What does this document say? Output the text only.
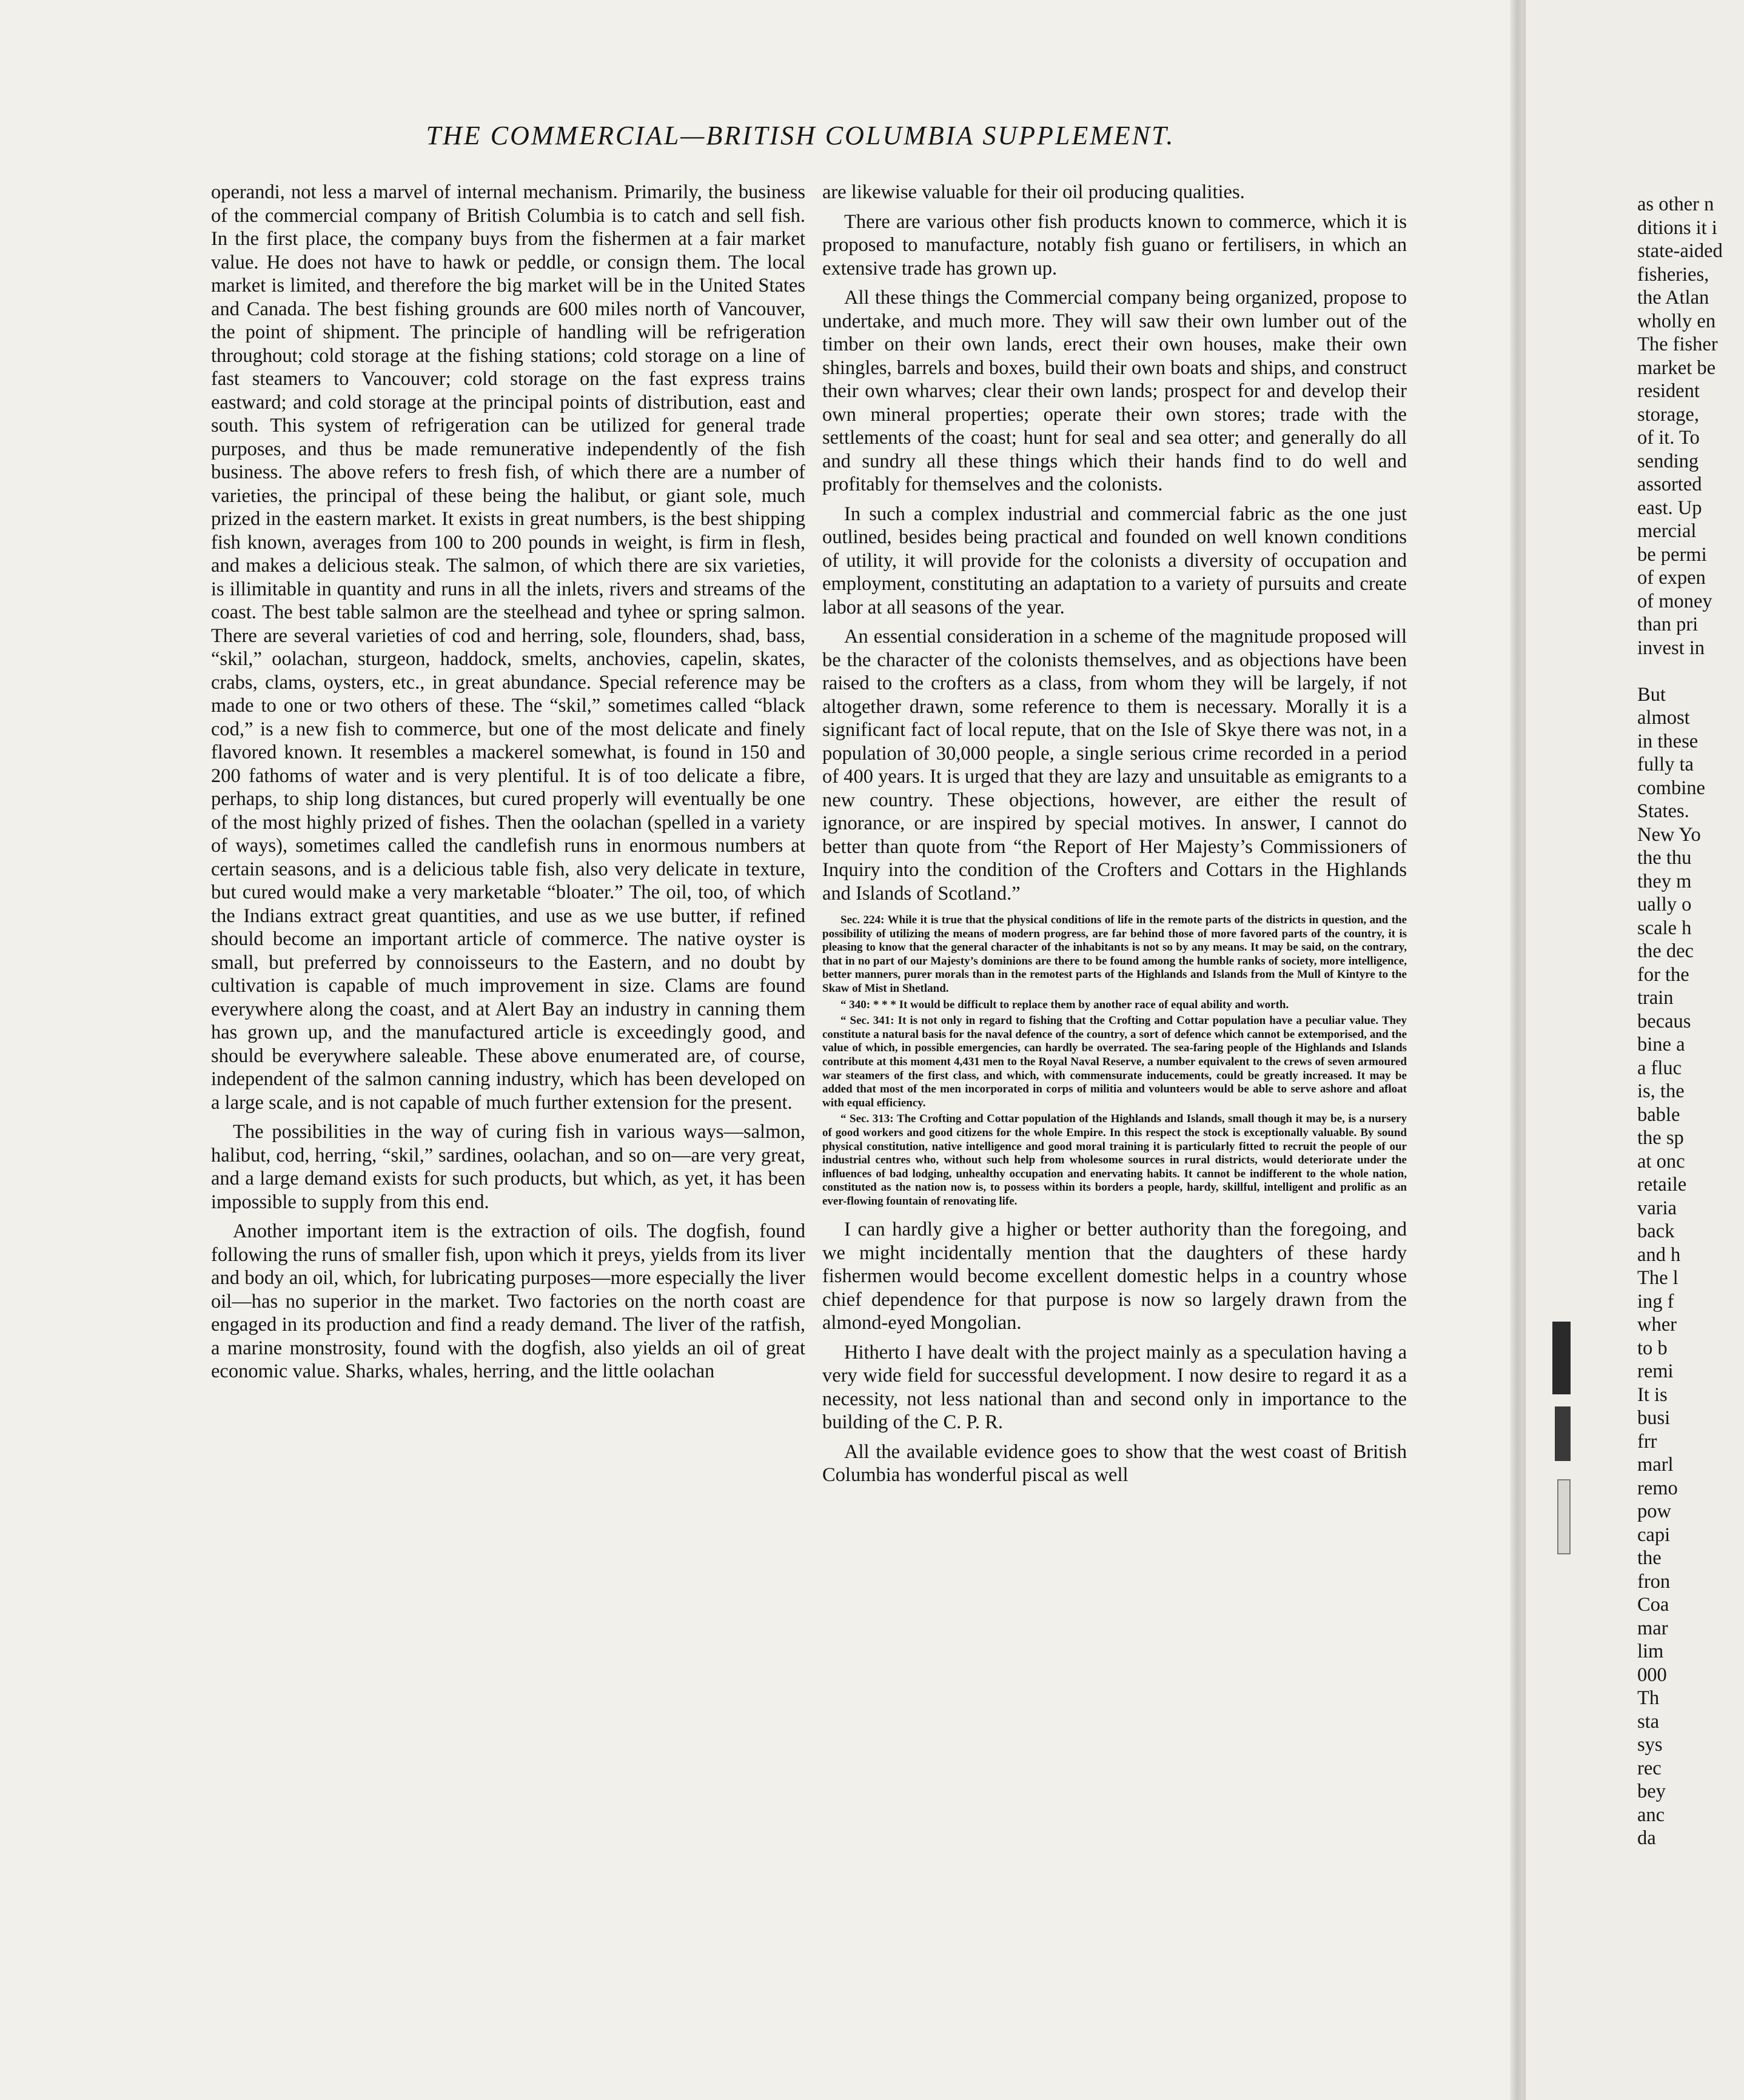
THE COMMERCIAL—BRITISH COLUMBIA SUPPLEMENT.

operandi, not less a marvel of internal mechanism. Primarily, the business of the commercial company of British Columbia is to catch and sell fish. In the first place, the company buys from the fishermen at a fair market value. He does not have to hawk or peddle, or consign them. The local market is limited, and therefore the big market will be in the United States and Canada. The best fishing grounds are 600 miles north of Vancouver, the point of shipment. The principle of handling will be refrigeration throughout; cold storage at the fishing stations; cold storage on a line of fast steamers to Vancouver; cold storage on the fast express trains eastward; and cold storage at the principal points of distribution, east and south. This system of refrigeration can be utilized for general trade purposes, and thus be made remunerative independently of the fish business. The above refers to fresh fish, of which there are a number of varieties, the principal of these being the halibut, or giant sole, much prized in the eastern market. It exists in great numbers, is the best shipping fish known, averages from 100 to 200 pounds in weight, is firm in flesh, and makes a delicious steak. The salmon, of which there are six varieties, is illimitable in quantity and runs in all the inlets, rivers and streams of the coast. The best table salmon are the steelhead and tyhee or spring salmon. There are several varieties of cod and herring, sole, flounders, shad, bass, “skil,” oolachan, sturgeon, haddock, smelts, anchovies, capelin, skates, crabs, clams, oysters, etc., in great abundance. Special reference may be made to one or two others of these. The “skil,” sometimes called “black cod,” is a new fish to commerce, but one of the most delicate and finely flavored known. It resembles a mackerel somewhat, is found in 150 and 200 fathoms of water and is very plentiful. It is of too delicate a fibre, perhaps, to ship long distances, but cured properly will eventually be one of the most highly prized of fishes. Then the oolachan (spelled in a variety of ways), sometimes called the candlefish runs in enormous numbers at certain seasons, and is a delicious table fish, also very delicate in texture, but cured would make a very marketable “bloater.” The oil, too, of which the Indians extract great quantities, and use as we use butter, if refined should become an important article of commerce. The native oyster is small, but preferred by connoisseurs to the Eastern, and no doubt by cultivation is capable of much improvement in size. Clams are found everywhere along the coast, and at Alert Bay an industry in canning them has grown up, and the manufactured article is exceedingly good, and should be everywhere saleable. These above enumerated are, of course, independent of the salmon canning industry, which has been developed on a large scale, and is not capable of much further extension for the present.

The possibilities in the way of curing fish in various ways—salmon, halibut, cod, herring, “skil,” sardines, oolachan, and so on—are very great, and a large demand exists for such products, but which, as yet, it has been impossible to supply from this end.

Another important item is the extraction of oils. The dogfish, found following the runs of smaller fish, upon which it preys, yields from its liver and body an oil, which, for lubricating purposes—more especially the liver oil—has no superior in the market. Two factories on the north coast are engaged in its production and find a ready demand. The liver of the ratfish, a marine monstrosity, found with the dogfish, also yields an oil of great economic value. Sharks, whales, herring, and the little oolachan

are likewise valuable for their oil producing qualities.

There are various other fish products known to commerce, which it is proposed to manufacture, notably fish guano or fertilisers, in which an extensive trade has grown up.

All these things the Commercial company being organized, propose to undertake, and much more. They will saw their own lumber out of the timber on their own lands, erect their own houses, make their own shingles, barrels and boxes, build their own boats and ships, and construct their own wharves; clear their own lands; prospect for and develop their own mineral properties; operate their own stores; trade with the settlements of the coast; hunt for seal and sea otter; and generally do all and sundry all these things which their hands find to do well and profitably for themselves and the colonists.

In such a complex industrial and commercial fabric as the one just outlined, besides being practical and founded on well known conditions of utility, it will provide for the colonists a diversity of occupation and employment, constituting an adaptation to a variety of pursuits and create labor at all seasons of the year.

An essential consideration in a scheme of the magnitude proposed will be the character of the colonists themselves, and as objections have been raised to the crofters as a class, from whom they will be largely, if not altogether drawn, some reference to them is necessary. Morally it is a significant fact of local repute, that on the Isle of Skye there was not, in a population of 30,000 people, a single serious crime recorded in a period of 400 years. It is urged that they are lazy and unsuitable as emigrants to a new country. These objections, however, are either the result of ignorance, or are inspired by special motives. In answer, I cannot do better than quote from “the Report of Her Majesty’s Commissioners of Inquiry into the condition of the Crofters and Cottars in the Highlands and Islands of Scotland.”

Sec. 224: While it is true that the physical conditions of life in the remote parts of the districts in question, and the possibility of utilizing the means of modern progress, are far behind those of more favored parts of the country, it is pleasing to know that the general character of the inhabitants is not so by any means. It may be said, on the contrary, that in no part of our Majesty’s dominions are there to be found among the humble ranks of society, more intelligence, better manners, purer morals than in the remotest parts of the Highlands and Islands from the Mull of Kintyre to the Skaw of Mist in Shetland.

“ 340: * * * It would be difficult to replace them by another race of equal ability and worth.

“ Sec. 341: It is not only in regard to fishing that the Crofting and Cottar population have a peculiar value. They constitute a natural basis for the naval defence of the country, a sort of defence which cannot be extemporised, and the value of which, in possible emergencies, can hardly be overrated. The sea-faring people of the Highlands and Islands contribute at this moment 4,431 men to the Royal Naval Reserve, a number equivalent to the crews of seven armoured war steamers of the first class, and which, with commensurate inducements, could be greatly increased. It may be added that most of the men incorporated in corps of militia and volunteers would be able to serve ashore and afloat with equal efficiency.

“ Sec. 313: The Crofting and Cottar population of the Highlands and Islands, small though it may be, is a nursery of good workers and good citizens for the whole Empire. In this respect the stock is exceptionally valuable. By sound physical constitution, native intelligence and good moral training it is particularly fitted to recruit the people of our industrial centres who, without such help from wholesome sources in rural districts, would deteriorate under the influences of bad lodging, unhealthy occupation and enervating habits. It cannot be indifferent to the whole nation, constituted as the nation now is, to possess within its borders a people, hardy, skillful, intelligent and prolific as an ever-flowing fountain of renovating life.

I can hardly give a higher or better authority than the foregoing, and we might incidentally mention that the daughters of these hardy fishermen would become excellent domestic helps in a country whose chief dependence for that purpose is now so largely drawn from the almond-eyed Mongolian.

Hitherto I have dealt with the project mainly as a speculation having a very wide field for successful development. I now desire to regard it as a necessity, not less national than and second only in importance to the building of the C. P. R.

All the available evidence goes to show that the west coast of British Columbia has wonderful piscal as well

as other n
ditions it i
state-aided
fisheries,
the Atlan
wholly en
The fisher
market be
resident
storage,
of it. To
sending
assorted
east. Up
mercial
be permi
of expen
of money
than pri
invest in
But
almost
in these
fully ta
combine
States.
New Yo
the thu
they m
ually o
scale h
the dec
for the
train
becaus
bine a
a fluc
is, the
bable
the sp
at onc
retaile
varia
back
and h
The l
ing f
wher
to b
remi
It is
busi
frr
marl
remo
pow
capi
the
fron
Coa
mar
lim
000
Th
sta
sys
rec
bey
anc
da
